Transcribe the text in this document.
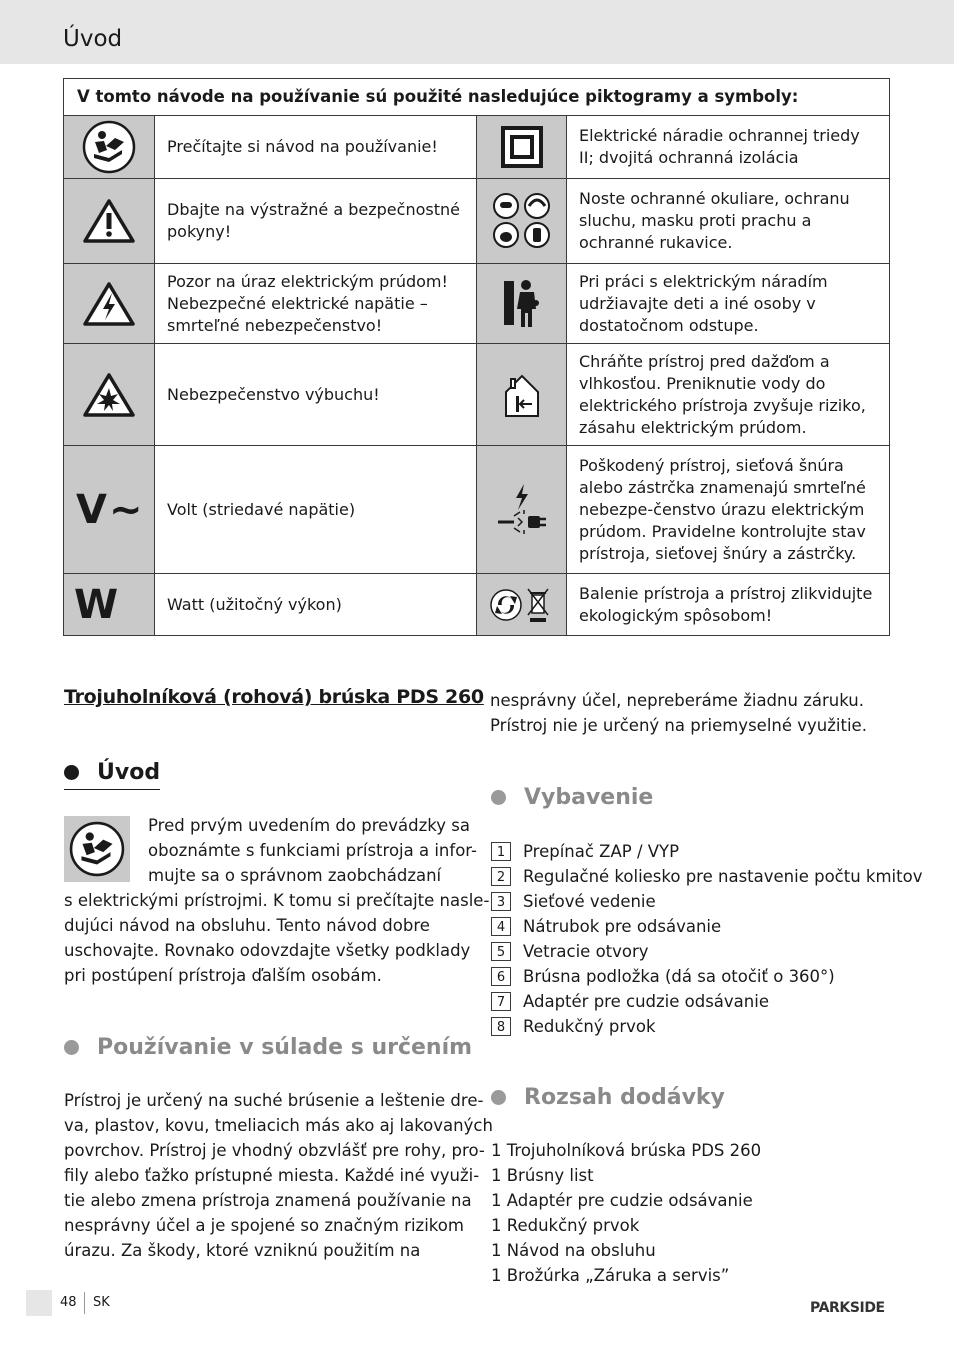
Úvod
V tomto návode na používanie sú použité nasledujúce piktogramy a symboly:			

	Prečítajte si návod na používanie!		Elektrické náradie ochrannej triedy II; dvojitá ochranná izolácia

	Dbajte na výstražné a bezpečnostné pokyny!		Noste ochranné okuliare, ochranu sluchu, masku proti prachu a ochranné rukavice.

	Pozor na úraz elektrickým prúdom! Nebezpečné elektrické napätie – smrteľné nebezpečenstvo!		Pri práci s elektrickým náradím udržiavajte deti a iné osoby v dostatočnom odstupe.

	Nebezpečenstvo výbuchu!		Chráňte prístroj pred dažďom a vlhkosťou. Preniknutie vody do elektrického prístroja zvyšuje riziko, zásahu elektrickým prúdom.

V~	Volt (striedavé napätie)		Poškodený prístroj, sieťová šnúra alebo zástrčka znamenajú smrteľné nebezpe-čenstvo úrazu elektrickým prúdom. Pravidelne kontrolujte stav prístroja, sieťovej šnúry a zástrčky.

W	Watt (užitočný výkon)		Balenie prístroja a prístroj zlikvidujte ekologickým spôsobom!
Trojuholníková (rohová) brúska PDS 260
Úvod
Pred prvým uvedením do prevádzky sa
oboznámte s funkciami prístroja a infor-
mujte sa o správnom zaobchádzaní
s elektrickými prístrojmi. K tomu si prečítajte nasle-
dujúci návod na obsluhu. Tento návod dobre
uschovajte. Rovnako odovzdajte všetky podklady
pri postúpení prístroja ďalším osobám.
Používanie v súlade s určením
Prístroj je určený na suché brúsenie a leštenie dre-
va, plastov, kovu, tmeliacich más ako aj lakovaných
povrchov. Prístroj je vhodný obzvlášť pre rohy, pro-
fily alebo ťažko prístupné miesta. Každé iné využi-
tie alebo zmena prístroja znamená používanie na
nesprávny účel a je spojené so značným rizikom
úrazu. Za škody, ktoré vzniknú použitím na
nesprávny účel, nepreberáme žiadnu záruku.
Prístroj nie je určený na priemyselné využitie.
Vybavenie
1	Prepínač ZAP / VYP
2	Regulačné koliesko pre nastavenie počtu kmitov
3	Sieťové vedenie
4	Nátrubok pre odsávanie
5	Vetracie otvory
6	Brúsna podložka (dá sa otočiť o 360°)
7	Adaptér pre cudzie odsávanie
8	Redukčný prvok
Rozsah dodávky
1 Trojuholníková brúska PDS 260
1 Brúsny list
1 Adaptér pre cudzie odsávanie
1 Redukčný prvok
1 Návod na obsluhu
1 Brožúrka „Záruka a servis”
48 SK	PARKSIDE
